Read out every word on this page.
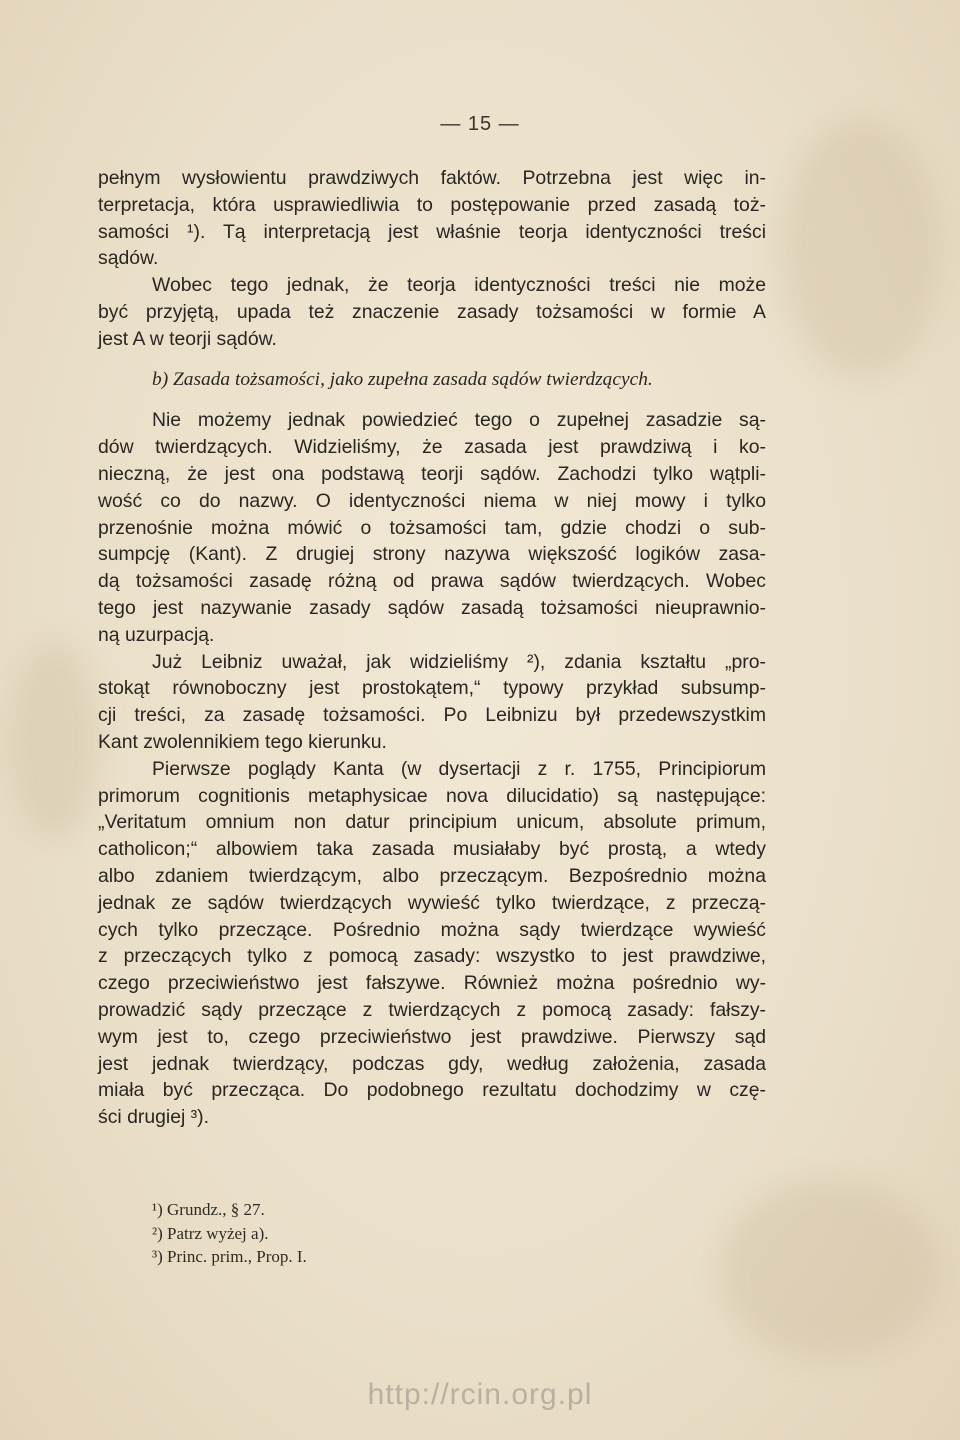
— 15 —
pełnym wysłowientu prawdziwych faktów. Potrzebna jest więc in-
terpretacja, która usprawiedliwia to postępowanie przed zasadą toż-
samości ¹). Tą interpretacją jest właśnie teorja identyczności treści
sądów.
Wobec tego jednak, że teorja identyczności treści nie może
być przyjętą, upada też znaczenie zasady tożsamości w formie A
jest A w teorji sądów.
b) Zasada tożsamości, jako zupełna zasada sądów twierdzących.
Nie możemy jednak powiedzieć tego o zupełnej zasadzie są-
dów twierdzących. Widzieliśmy, że zasada jest prawdziwą i ko-
nieczną, że jest ona podstawą teorji sądów. Zachodzi tylko wątpli-
wość co do nazwy. O identyczności niema w niej mowy i tylko
przenośnie można mówić o tożsamości tam, gdzie chodzi o sub-
sumpcję (Kant). Z drugiej strony nazywa większość logików zasa-
dą tożsamości zasadę różną od prawa sądów twierdzących. Wobec
tego jest nazywanie zasady sądów zasadą tożsamości nieuprawnio-
ną uzurpacją.
Już Leibniz uważał, jak widzieliśmy ²), zdania kształtu „pro-
stokąt równoboczny jest prostokątem,“ typowy przykład subsump-
cji treści, za zasadę tożsamości. Po Leibnizu był przedewszystkim
Kant zwolennikiem tego kierunku.
Pierwsze poglądy Kanta (w dysertacji z r. 1755, Principiorum
primorum cognitionis metaphysicae nova dilucidatio) są następujące:
„Veritatum omnium non datur principium unicum, absolute primum,
catholicon;“ albowiem taka zasada musiałaby być prostą, a wtedy
albo zdaniem twierdzącym, albo przeczącym. Bezpośrednio można
jednak ze sądów twierdzących wywieść tylko twierdzące, z przeczą-
cych tylko przeczące. Pośrednio można sądy twierdzące wywieść
z przeczących tylko z pomocą zasady: wszystko to jest prawdziwe,
czego przeciwieństwo jest fałszywe. Również można pośrednio wy-
prowadzić sądy przeczące z twierdzących z pomocą zasady: fałszy-
wym jest to, czego przeciwieństwo jest prawdziwe. Pierwszy sąd
jest jednak twierdzący, podczas gdy, według założenia, zasada
miała być przecząca. Do podobnego rezultatu dochodzimy w czę-
ści drugiej ³).
¹) Grundz., § 27.
²) Patrz wyżej a).
³) Princ. prim., Prop. I.
http://rcin.org.pl
